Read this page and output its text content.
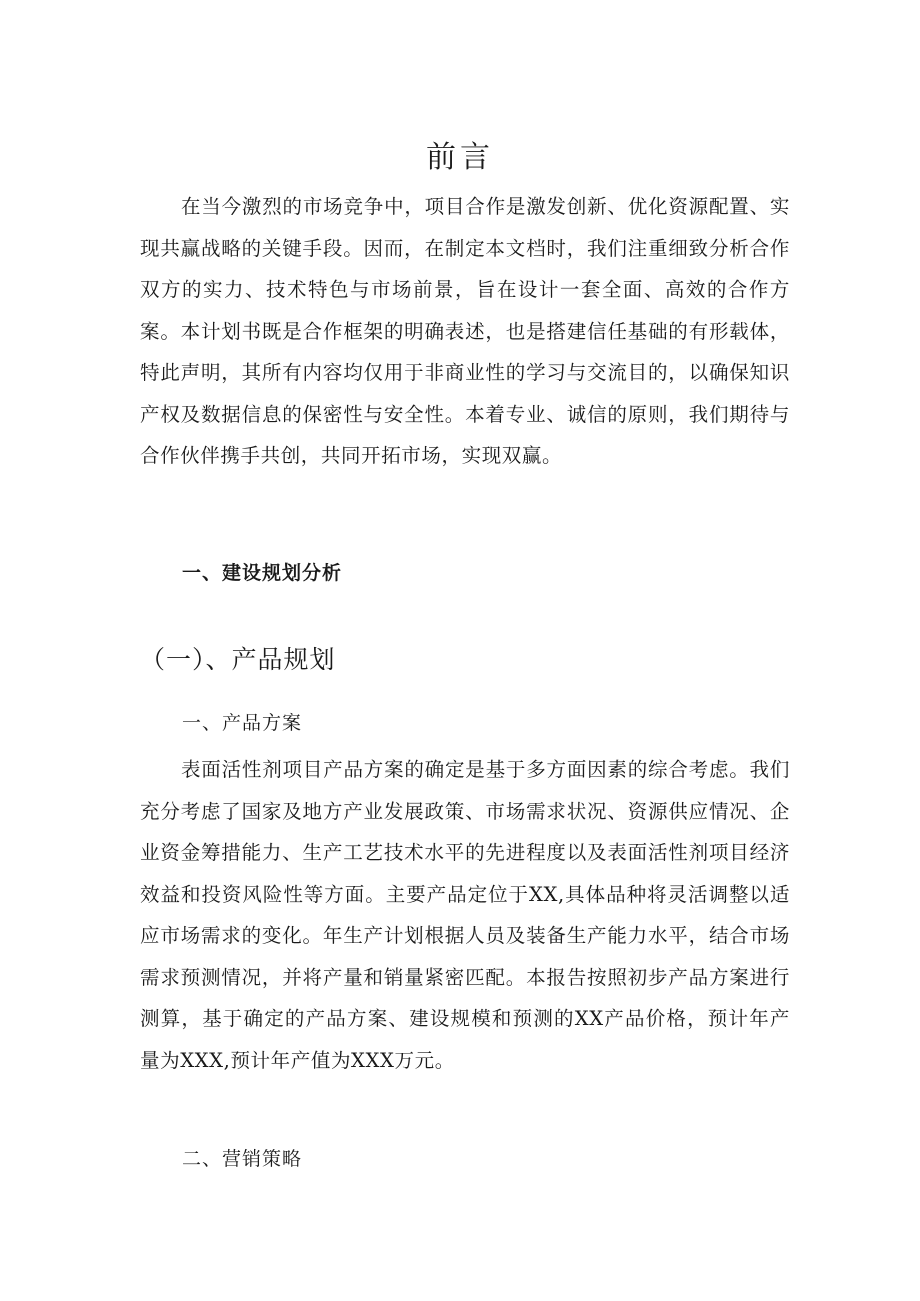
前言

在当今激烈的市场竞争中，项目合作是激发创新、优化资源配置、实现共赢战略的关键手段。因而，在制定本文档时，我们注重细致分析合作双方的实力、技术特色与市场前景，旨在设计一套全面、高效的合作方案。本计划书既是合作框架的明确表述，也是搭建信任基础的有形载体，特此声明，其所有内容均仅用于非商业性的学习与交流目的，以确保知识产权及数据信息的保密性与安全性。本着专业、诚信的原则，我们期待与合作伙伴携手共创，共同开拓市场，实现双赢。

一、建设规划分析
（一）、产品规划
一、产品方案

表面活性剂项目产品方案的确定是基于多方面因素的综合考虑。我们充分考虑了国家及地方产业发展政策、市场需求状况、资源供应情况、企业资金筹措能力、生产工艺技术水平的先进程度以及表面活性剂项目经济效益和投资风险性等方面。主要产品定位于XX,具体品种将灵活调整以适应市场需求的变化。年生产计划根据人员及装备生产能力水平，结合市场需求预测情况，并将产量和销量紧密匹配。本报告按照初步产品方案进行测算，基于确定的产品方案、建设规模和预测的XX产品价格，预计年产量为XXX,预计年产值为XXX万元。

二、营销策略
